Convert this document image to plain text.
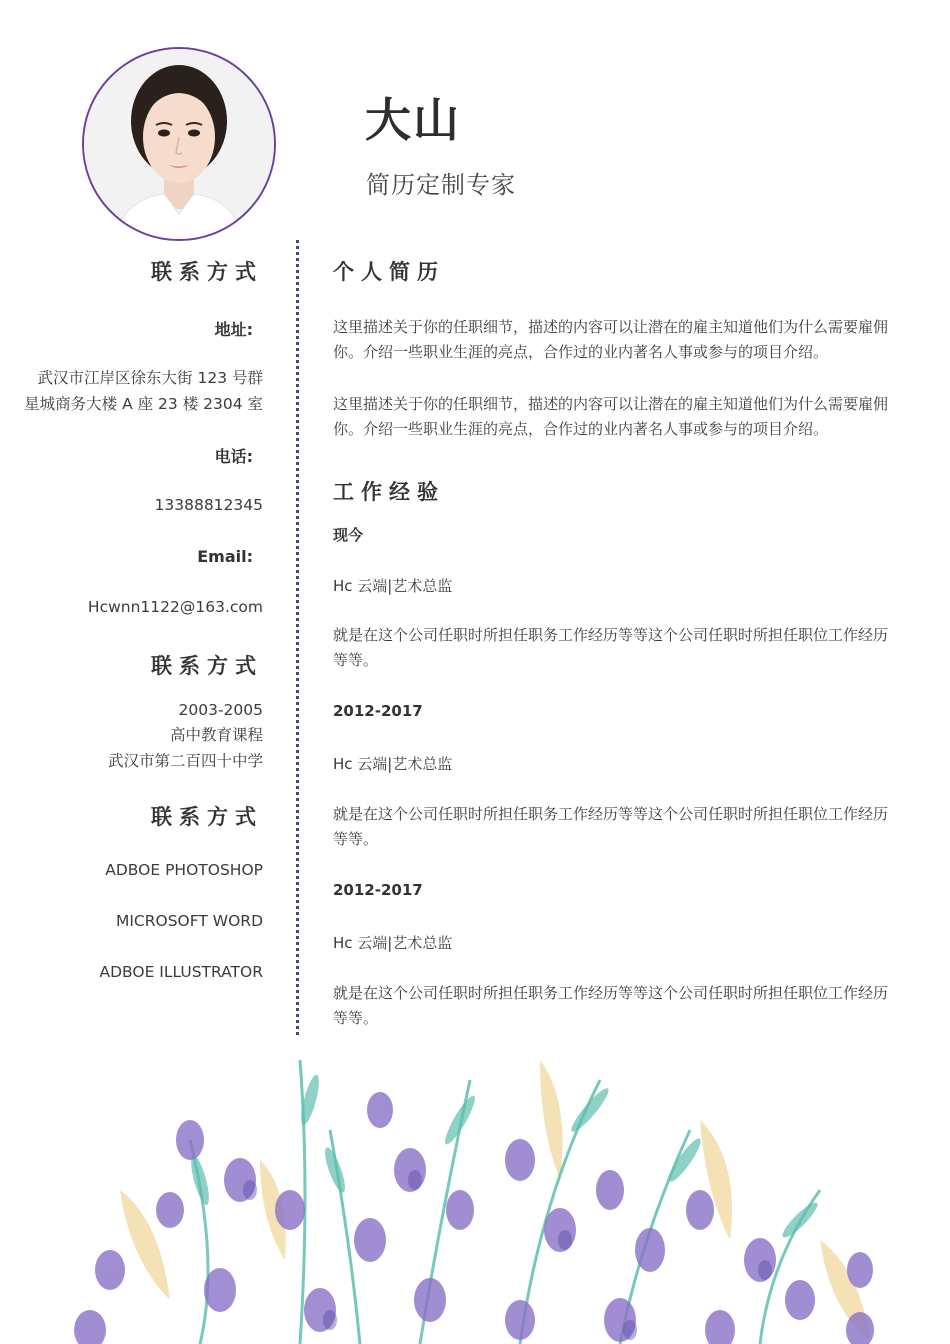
大山
简历定制专家
联系方式
地址:
武汉市江岸区徐东大街 123 号群
星城商务大楼 A 座 23 楼 2304 室
电话:
13388812345
Email:
Hcwnn1122@163.com
联系方式
2003-2005
高中教育课程
武汉市第二百四十中学
联系方式
ADBOE PHOTOSHOP
MICROSOFT WORD
ADBOE ILLUSTRATOR
个人简历
这里描述关于你的任职细节，描述的内容可以让潜在的雇主知道他们为什么需要雇佣你。介绍一些职业生涯的亮点，合作过的业内著名人事或参与的项目介绍。
这里描述关于你的任职细节，描述的内容可以让潜在的雇主知道他们为什么需要雇佣你。介绍一些职业生涯的亮点，合作过的业内著名人事或参与的项目介绍。
工作经验
现今
Hc 云端|艺术总监
就是在这个公司任职时所担任职务工作经历等等这个公司任职时所担任职位工作经历等等。
2012-2017
Hc 云端|艺术总监
就是在这个公司任职时所担任职务工作经历等等这个公司任职时所担任职位工作经历等等。
2012-2017
Hc 云端|艺术总监
就是在这个公司任职时所担任职务工作经历等等这个公司任职时所担任职位工作经历等等。
